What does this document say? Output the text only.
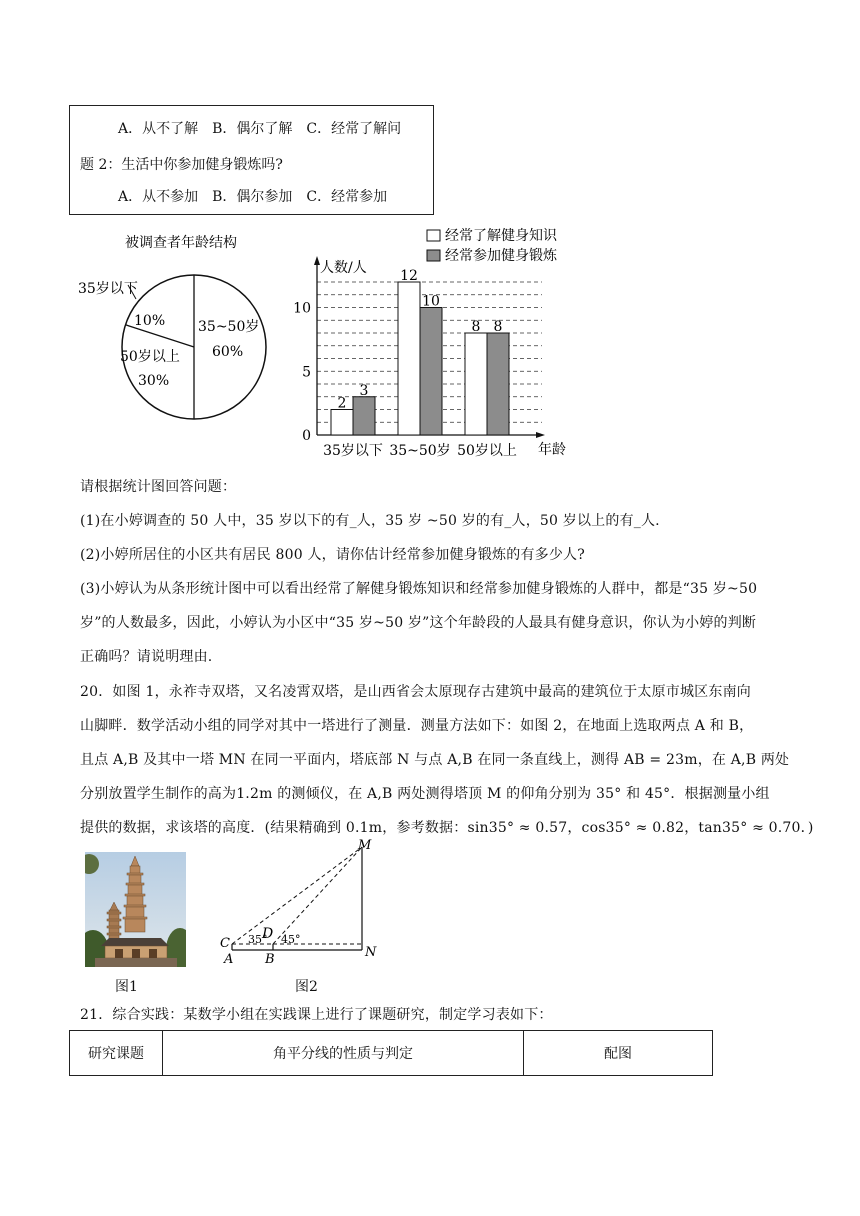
A．从不了解　B．偶尔了解　C．经常了解问
题 2：生活中你参加健身锻炼吗?
A．从不参加　B．偶尔参加　C．经常参加
被调查者年龄结构
35岁以下
10% 35~50岁
60%
50岁以上
30%
人数/人
年龄
0
5
10
2
3
12
10
8 8
35岁以下 35~50岁 50岁以上
经常了解健身知识
经常参加健身锻炼
请根据统计图回答问题：
(1)在小婷调查的 50 人中，35 岁以下的有_人，35 岁 ~50 岁的有_人，50 岁以上的有_人.
(2)小婷所居住的小区共有居民 800 人，请你估计经常参加健身锻炼的有多少人?
(3)小婷认为从条形统计图中可以看出经常了解健身锻炼知识和经常参加健身锻炼的人群中，都是“35 岁~50
岁”的人数最多，因此，小婷认为小区中“35 岁~50 岁”这个年龄段的人最具有健身意识，你认为小婷的判断
正确吗？请说明理由.
20．如图 1，永祚寺双塔，又名凌霄双塔，是山西省会太原现存古建筑中最高的建筑位于太原市城区东南向
山脚畔．数学活动小组的同学对其中一塔进行了测量．测量方法如下：如图 2，在地面上选取两点 A 和 B，
且点 A,B 及其中一塔 MN 在同一平面内，塔底部 N 与点 A,B 在同一条直线上，测得 AB = 23m，在 A,B 两处
分别放置学生制作的高为1.2m 的测倾仪，在 A,B 两处测得塔顶 M 的仰角分别为 35° 和 45°．根据测量小组
提供的数据，求该塔的高度．(结果精确到 0.1m，参考数据：sin35° ≈ 0.57，cos35° ≈ 0.82，tan35° ≈ 0.70．)
图1
M
N
C
D
A B
35° 45°
图2
21．综合实践：某数学小组在实践课上进行了课题研究，制定学习表如下：
研究课题	角平分线的性质与判定	配图
